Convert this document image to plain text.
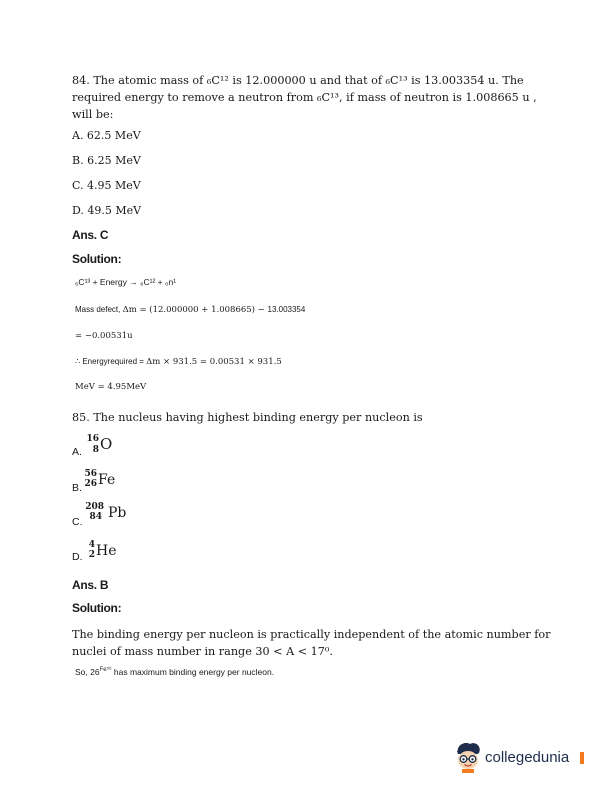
84. The atomic mass of ₆C¹² is 12.000000 u and that of ₆C¹³ is 13.003354 u. The
required energy to remove a neutron from ₆C¹³, if mass of neutron is 1.008665 u ,
will be:
A. 62.5 MeV
B. 6.25 MeV
C. 4.95 MeV
D. 49.5 MeV
Ans. C
Solution:
₆C¹³ + Energy → ₆C¹² + ₀n¹
Mass defect, Δm = (12.000000 + 1.008665) − 13.003354
= −0.00531u
∴ Energyrequired = Δm × 931.5 = 0.00531 × 931.5
MeV = 4.95MeV
85. The nucleus having highest binding energy per nucleon is
A.
16
8 O
B.
56
26 Fe
C.
208
84 Pb
D.
4
2 He
Ans. B
Solution:
The binding energy per nucleon is practically independent of the atomic number for
nuclei of mass number in range 30 < A < 17⁰.
So, $26^{Fe^{56}}$ has maximum binding energy per nucleon.
collegedunia
